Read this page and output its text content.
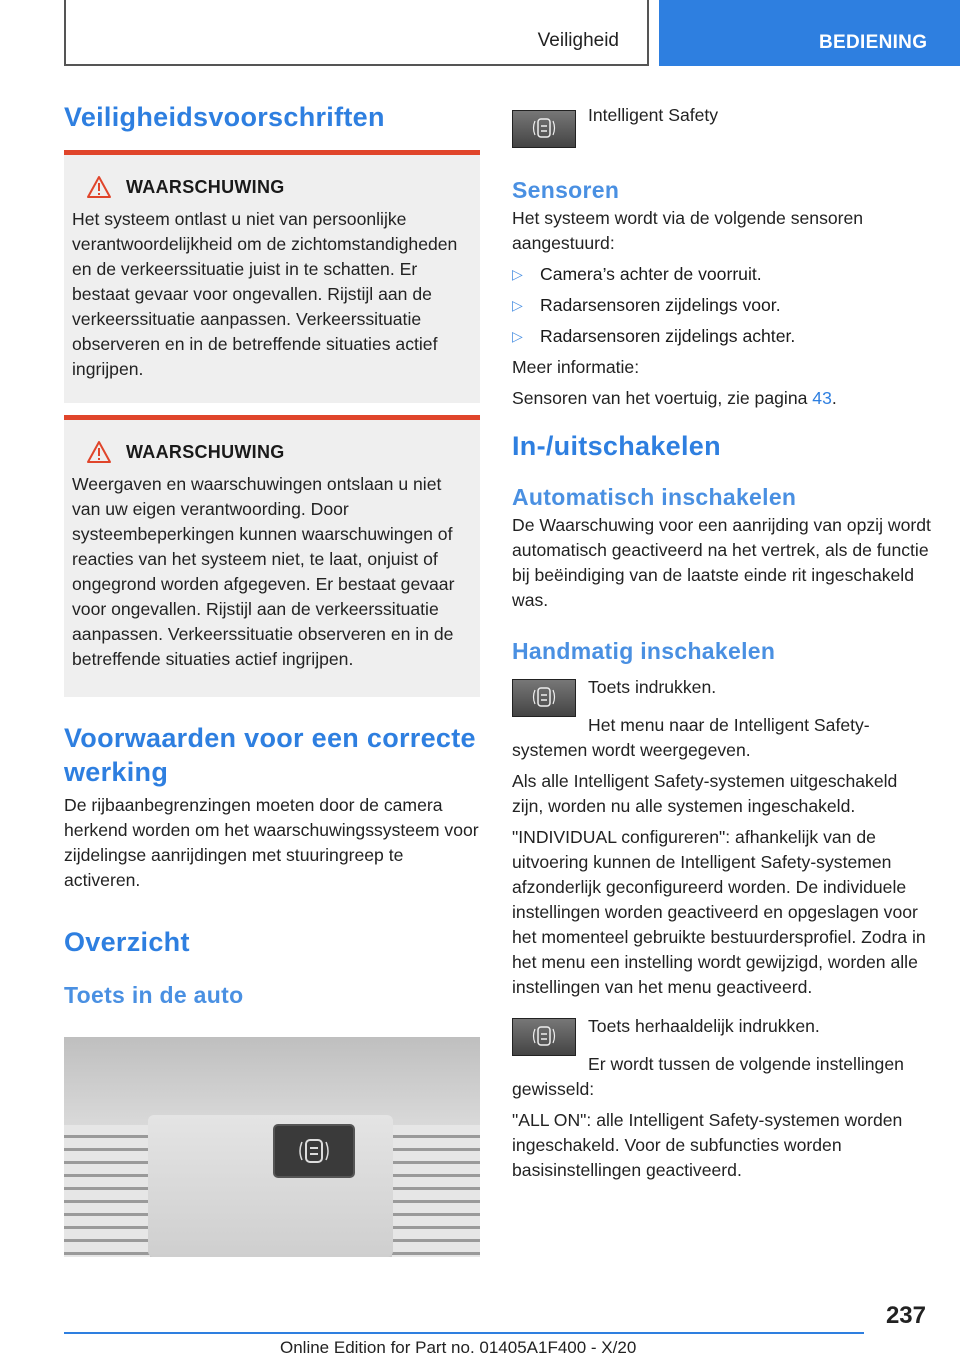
Veiligheid	BEDIENING
Veiligheidsvoorschriften
WAARSCHUWING

Het systeem ontlast u niet van persoonlijke verantwoordelijkheid om de zichtomstandigheden en de verkeerssituatie juist in te schatten. Er bestaat gevaar voor ongevallen. Rijstijl aan de verkeerssituatie aanpassen. Verkeerssituatie observeren en in de betreffende situaties actief ingrijpen.

WAARSCHUWING

Weergaven en waarschuwingen ontslaan u niet van uw eigen verantwoording. Door systeembeperkingen kunnen waarschuwingen of reacties van het systeem niet, te laat, onjuist of ongegrond worden afgegeven. Er bestaat gevaar voor ongevallen. Rijstijl aan de verkeerssituatie aanpassen. Verkeerssituatie observeren en in de betreffende situaties actief ingrijpen.

Voorwaarden voor een correcte werking

De rijbaanbegrenzingen moeten door de camera herkend worden om het waarschuwingssysteem voor zijdelingse aanrijdingen met stuuringreep te activeren.

Overzicht
Toets in de auto

Intelligent Safety

Sensoren

Het systeem wordt via de volgende sensoren aangestuurd:

▷ Camera’s achter de voorruit.
▷ Radarsensoren zijdelings voor.
▷ Radarsensoren zijdelings achter.

Meer informatie:

Sensoren van het voertuig, zie pagina 43.

In-/uitschakelen
Automatisch inschakelen

De Waarschuwing voor een aanrijding van opzij wordt automatisch geactiveerd na het vertrek, als de functie bij beëindiging van de laatste einde rit ingeschakeld was.

Handmatig inschakelen

Toets indrukken.

Het menu naar de Intelligent Safety-systemen wordt weergegeven.

Als alle Intelligent Safety-systemen uitgeschakeld zijn, worden nu alle systemen ingeschakeld.

"INDIVIDUAL configureren": afhankelijk van de uitvoering kunnen de Intelligent Safety-systemen afzonderlijk geconfigureerd worden. De individuele instellingen worden geactiveerd en opgeslagen voor het momenteel gebruikte bestuurdersprofiel. Zodra in het menu een instelling wordt gewijzigd, worden alle instellingen van het menu geactiveerd.

Toets herhaaldelijk indrukken.

Er wordt tussen de volgende instellingen gewisseld:

"ALL ON": alle Intelligent Safety-systemen worden ingeschakeld. Voor de subfuncties worden basisinstellingen geactiveerd.

237
Online Edition for Part no. 01405A1F400 - X/20
